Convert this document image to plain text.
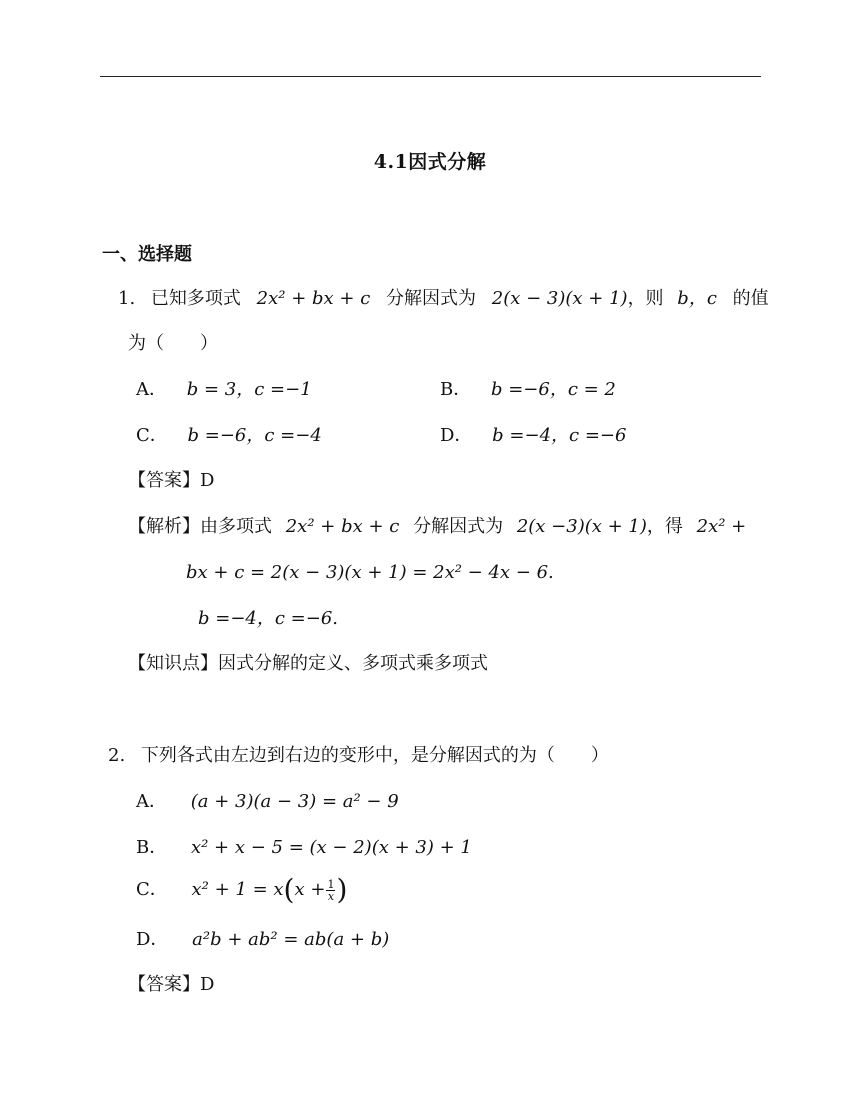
4.1因式分解
一、选择题
1. 已知多项式 2x² + bx + c 分解因式为 2(x − 3)(x + 1)，则 b，c 的值
为（　　）
A． b = 3，c =−1	B． b =−6，c = 2
C． b =−6，c =−4	D． b =−4，c =−6
【答案】D
【解析】由多项式 2x² + bx + c 分解因式为 2(x −3)(x + 1)，得 2x² +
bx + c = 2(x − 3)(x + 1) = 2x² − 4x − 6.
b =−4，c =−6.
【知识点】因式分解的定义、多项式乘多项式
2. 下列各式由左边到右边的变形中，是分解因式的为（　　）
A． (a + 3)(a − 3) = a² − 9
B． x² + x − 5 = (x − 2)(x + 3) + 1
C． $x^2 + 1 = x(x + \frac{1}{x}$ )
D． a²b + ab² = ab(a + b)
【答案】D
